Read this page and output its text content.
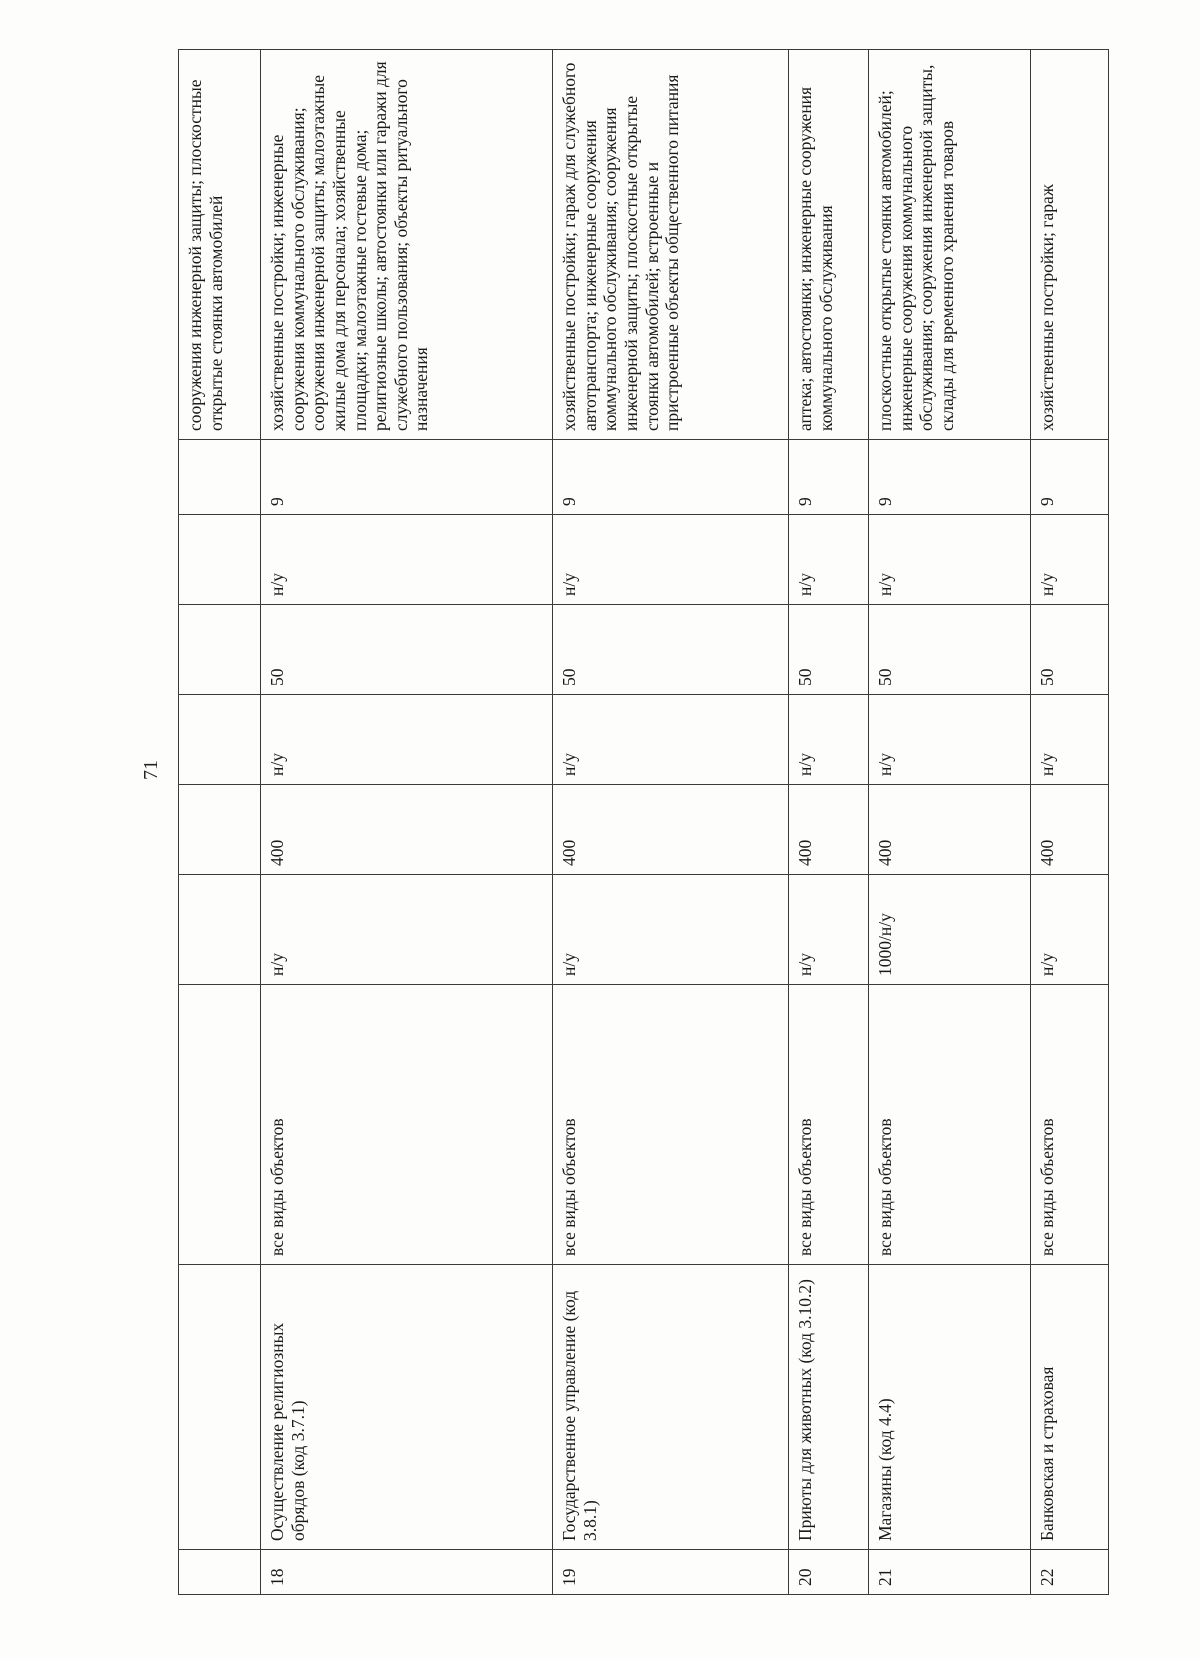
71
									сооружения инженерной защиты; плоскостные открытые стоянки автомобилей
18	Осуществление религиозных обрядов (код 3.7.1)	все виды объектов	н/у	400	н/у	50	н/у	9	хозяйственные постройки; инженерные сооружения коммунального обслуживания; сооружения инженерной защиты; малоэтажные жилые дома для персонала; хозяйственные площадки; малоэтажные гостевые дома; религиозные школы; автостоянки или гаражи для служебного пользования; объекты ритуального назначения
19	Государственное управление (код 3.8.1)	все виды объектов	н/у	400	н/у	50	н/у	9	хозяйственные постройки; гараж для служебного автотранспорта; инженерные сооружения коммунального обслуживания; сооружения инженерной защиты; плоскостные открытые стоянки автомобилей; встроенные и пристроенные объекты общественного питания
20	Приюты для животных (код 3.10.2)	все виды объектов	н/у	400	н/у	50	н/у	9	аптека; автостоянки; инженерные сооружения коммунального обслуживания
21	Магазины (код 4.4)	все виды объектов	1000/н/у	400	н/у	50	н/у	9	плоскостные открытые стоянки автомобилей; инженерные сооружения коммунального обслуживания; сооружения инженерной защиты, склады для временного хранения товаров
22	Банковская и страховая	все виды объектов	н/у	400	н/у	50	н/у	9	хозяйственные постройки; гараж
